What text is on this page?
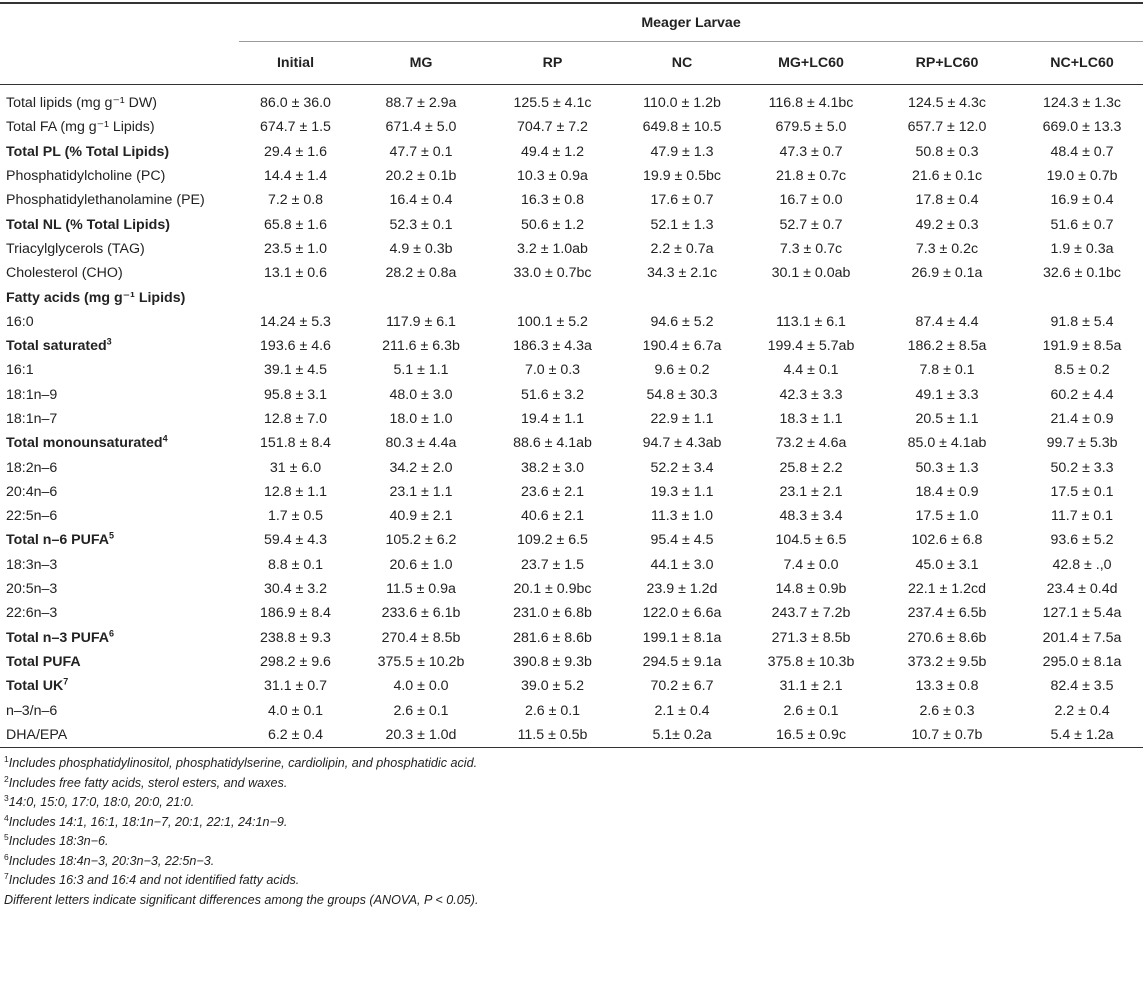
	Meager Larvae						
	Initial	MG	RP	NC	MG+LC60	RP+LC60	NC+LC60
Total lipids (mg g⁻¹ DW)	86.0 ± 36.0	88.7 ± 2.9a	125.5 ± 4.1c	110.0 ± 1.2b	116.8 ± 4.1bc	124.5 ± 4.3c	124.3 ± 1.3c
Total FA (mg g⁻¹ Lipids)	674.7 ± 1.5	671.4 ± 5.0	704.7 ± 7.2	649.8 ± 10.5	679.5 ± 5.0	657.7 ± 12.0	669.0 ± 13.3
Total PL (% Total Lipids)	29.4 ± 1.6	47.7 ± 0.1	49.4 ± 1.2	47.9 ± 1.3	47.3 ± 0.7	50.8 ± 0.3	48.4 ± 0.7
Phosphatidylcholine (PC)	14.4 ± 1.4	20.2 ± 0.1b	10.3 ± 0.9a	19.9 ± 0.5bc	21.8 ± 0.7c	21.6 ± 0.1c	19.0 ± 0.7b
Phosphatidylethanolamine (PE)	7.2 ± 0.8	16.4 ± 0.4	16.3 ± 0.8	17.6 ± 0.7	16.7 ± 0.0	17.8 ± 0.4	16.9 ± 0.4
Total NL (% Total Lipids)	65.8 ± 1.6	52.3 ± 0.1	50.6 ± 1.2	52.1 ± 1.3	52.7 ± 0.7	49.2 ± 0.3	51.6 ± 0.7
Triacylglycerols (TAG)	23.5 ± 1.0	4.9 ± 0.3b	3.2 ± 1.0ab	2.2 ± 0.7a	7.3 ± 0.7c	7.3 ± 0.2c	1.9 ± 0.3a
Cholesterol (CHO)	13.1 ± 0.6	28.2 ± 0.8a	33.0 ± 0.7bc	34.3 ± 2.1c	30.1 ± 0.0ab	26.9 ± 0.1a	32.6 ± 0.1bc
Fatty acids (mg g⁻¹ Lipids)							
16:0	14.24 ± 5.3	117.9 ± 6.1	100.1 ± 5.2	94.6 ± 5.2	113.1 ± 6.1	87.4 ± 4.4	91.8 ± 5.4
Total saturated$^3$	193.6 ± 4.6	211.6 ± 6.3b	186.3 ± 4.3a	190.4 ± 6.7a	199.4 ± 5.7ab	186.2 ± 8.5a	191.9 ± 8.5a
16:1	39.1 ± 4.5	5.1 ± 1.1	7.0 ± 0.3	9.6 ± 0.2	4.4 ± 0.1	7.8 ± 0.1	8.5 ± 0.2
18:1n–9	95.8 ± 3.1	48.0 ± 3.0	51.6 ± 3.2	54.8 ± 30.3	42.3 ± 3.3	49.1 ± 3.3	60.2 ± 4.4
18:1n–7	12.8 ± 7.0	18.0 ± 1.0	19.4 ± 1.1	22.9 ± 1.1	18.3 ± 1.1	20.5 ± 1.1	21.4 ± 0.9
Total monounsaturated$^4$	151.8 ± 8.4	80.3 ± 4.4a	88.6 ± 4.1ab	94.7 ± 4.3ab	73.2 ± 4.6a	85.0 ± 4.1ab	99.7 ± 5.3b
18:2n–6	31 ± 6.0	34.2 ± 2.0	38.2 ± 3.0	52.2 ± 3.4	25.8 ± 2.2	50.3 ± 1.3	50.2 ± 3.3
20:4n–6	12.8 ± 1.1	23.1 ± 1.1	23.6 ± 2.1	19.3 ± 1.1	23.1 ± 2.1	18.4 ± 0.9	17.5 ± 0.1
22:5n–6	1.7 ± 0.5	40.9 ± 2.1	40.6 ± 2.1	11.3 ± 1.0	48.3 ± 3.4	17.5 ± 1.0	11.7 ± 0.1
Total n–6 PUFA$^5$	59.4 ± 4.3	105.2 ± 6.2	109.2 ± 6.5	95.4 ± 4.5	104.5 ± 6.5	102.6 ± 6.8	93.6 ± 5.2
18:3n–3	8.8 ± 0.1	20.6 ± 1.0	23.7 ± 1.5	44.1 ± 3.0	7.4 ± 0.0	45.0 ± 3.1	42.8 ± .,0
20:5n–3	30.4 ± 3.2	11.5 ± 0.9a	20.1 ± 0.9bc	23.9 ± 1.2d	14.8 ± 0.9b	22.1 ± 1.2cd	23.4 ± 0.4d
22:6n–3	186.9 ± 8.4	233.6 ± 6.1b	231.0 ± 6.8b	122.0 ± 6.6a	243.7 ± 7.2b	237.4 ± 6.5b	127.1 ± 5.4a
Total n–3 PUFA$^6$	238.8 ± 9.3	270.4 ± 8.5b	281.6 ± 8.6b	199.1 ± 8.1a	271.3 ± 8.5b	270.6 ± 8.6b	201.4 ± 7.5a
Total PUFA	298.2 ± 9.6	375.5 ± 10.2b	390.8 ± 9.3b	294.5 ± 9.1a	375.8 ± 10.3b	373.2 ± 9.5b	295.0 ± 8.1a
Total $UK^7$	31.1 ± 0.7	4.0 ± 0.0	39.0 ± 5.2	70.2 ± 6.7	31.1 ± 2.1	13.3 ± 0.8	82.4 ± 3.5
n–3/n–6	4.0 ± 0.1	2.6 ± 0.1	2.6 ± 0.1	2.1 ± 0.4	2.6 ± 0.1	2.6 ± 0.3	2.2 ± 0.4
DHA/EPA	6.2 ± 0.4	20.3 ± 1.0d	11.5 ± 0.5b	5.1± 0.2a	16.5 ± 0.9c	10.7 ± 0.7b	5.4 ± 1.2a
$^1$Includes phosphatidylinositol, phosphatidylserine, cardiolipin, and phosphatidic acid.
$^2$Includes free fatty acids, sterol esters, and waxes.
$^3$14:0, 15:0, 17:0, 18:0, 20:0, 21:0.
$^4$Includes 14:1, 16:1, 18:1n−7, 20:1, 22:1, 24:1n−9.
$^5$Includes 18:3n−6.
$^6$Includes 18:4n−3, 20:3n−3, 22:5n−3.
$^7$Includes 16:3 and 16:4 and not identified fatty acids.
Different letters indicate significant differences among the groups (ANOVA, P < 0.05).
